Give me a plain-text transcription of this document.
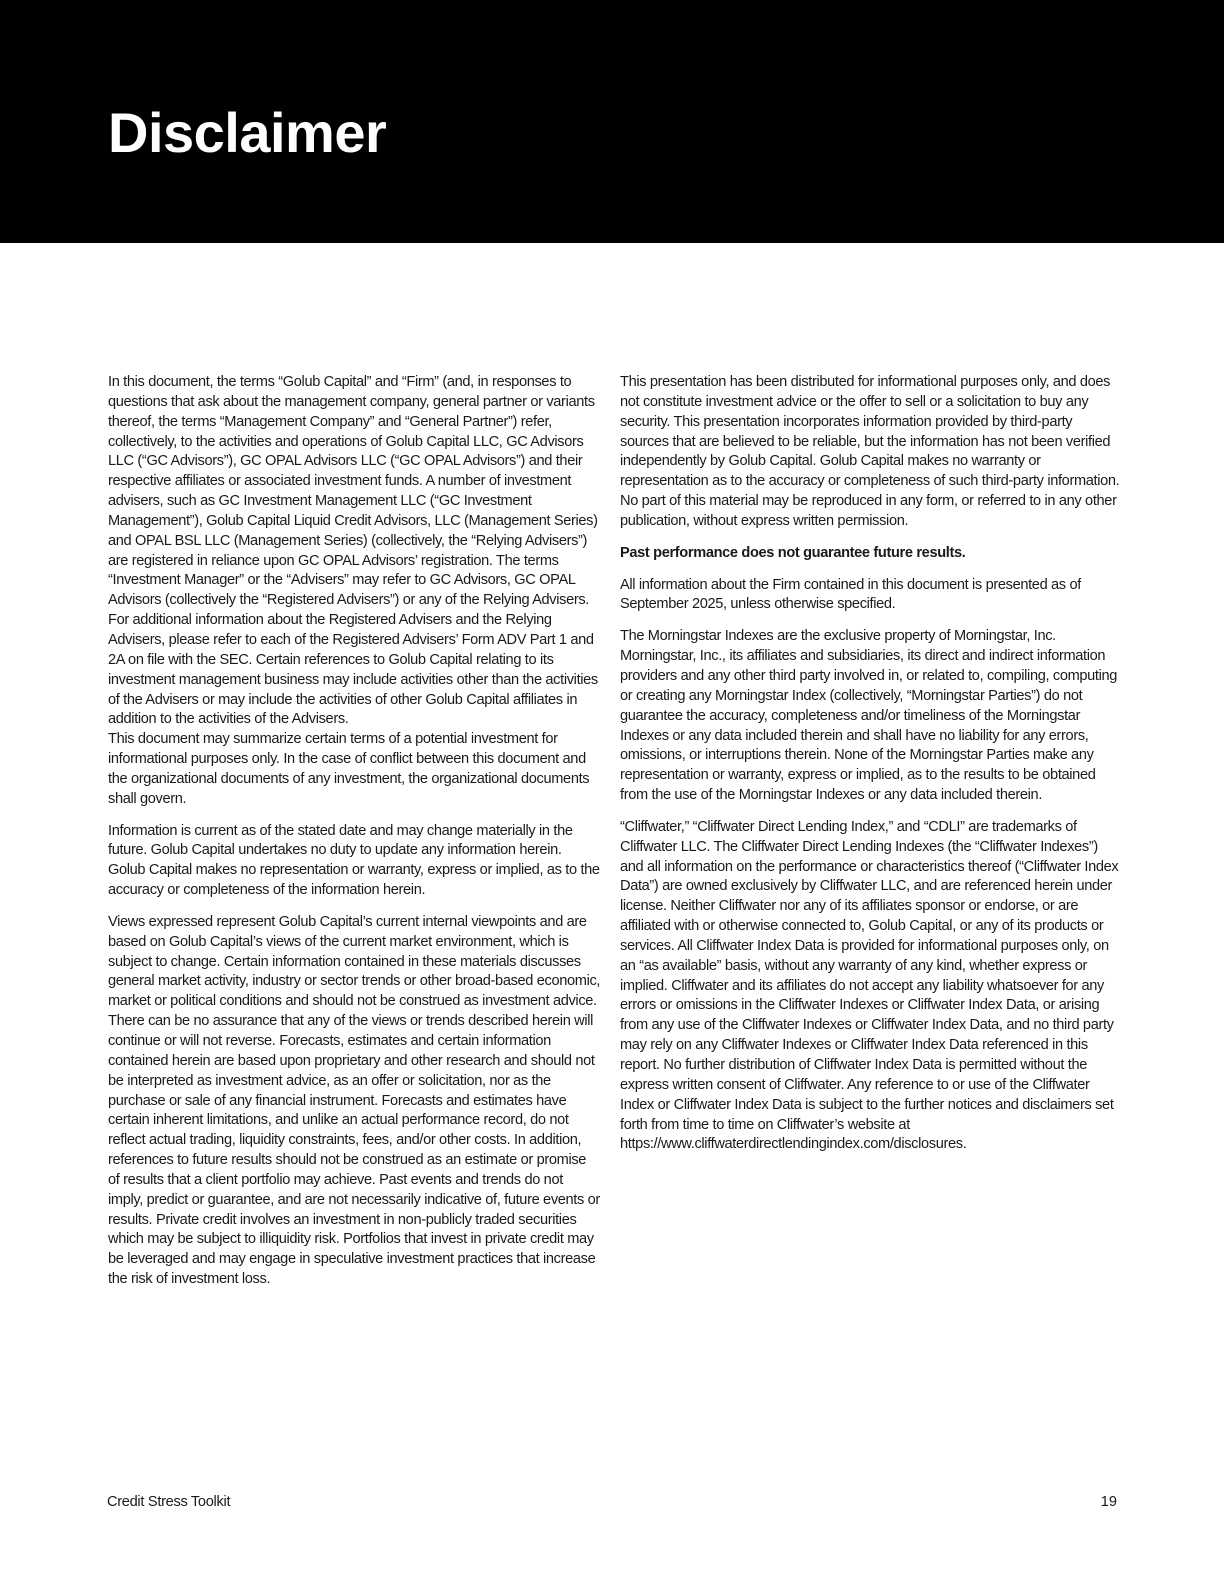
Disclaimer

In this document, the terms “Golub Capital” and “Firm” (and, in responses to questions that ask about the management company, general partner or variants thereof, the terms “Management Company” and “General Partner”) refer, collectively, to the activities and operations of Golub Capital LLC, GC Advisors LLC (“GC Advisors”), GC OPAL Advisors LLC (“GC OPAL Advisors”) and their respective affiliates or associated investment funds. A number of investment advisers, such as GC Investment Management LLC (“GC Investment Management”), Golub Capital Liquid Credit Advisors, LLC (Management Series) and OPAL BSL LLC (Management Series) (collectively, the “Relying Advisers”) are registered in reliance upon GC OPAL Advisors’ registration. The terms “Investment Manager” or the “Advisers” may refer to GC Advisors, GC OPAL Advisors (collectively the “Registered Advisers”) or any of the Relying Advisers. For additional information about the Registered Advisers and the Relying Advisers, please refer to each of the Registered Advisers’ Form ADV Part 1 and 2A on file with the SEC. Certain references to Golub Capital relating to its investment management business may include activities other than the activities of the Advisers or may include the activities of other Golub Capital affiliates in addition to the activities of the Advisers.

This document may summarize certain terms of a potential investment for informational purposes only. In the case of conflict between this document and the organizational documents of any investment, the organizational documents shall govern.

Information is current as of the stated date and may change materially in the future. Golub Capital undertakes no duty to update any information herein. Golub Capital makes no representation or warranty, express or implied, as to the accuracy or completeness of the information herein.

Views expressed represent Golub Capital’s current internal viewpoints and are based on Golub Capital’s views of the current market environment, which is subject to change. Certain information contained in these materials discusses general market activity, industry or sector trends or other broad-based economic, market or political conditions and should not be construed as investment advice. There can be no assurance that any of the views or trends described herein will continue or will not reverse. Forecasts, estimates and certain information contained herein are based upon proprietary and other research and should not be interpreted as investment advice, as an offer or solicitation, nor as the purchase or sale of any financial instrument. Forecasts and estimates have certain inherent limitations, and unlike an actual performance record, do not reflect actual trading, liquidity constraints, fees, and/or other costs. In addition, references to future results should not be construed as an estimate or promise of results that a client portfolio may achieve. Past events and trends do not imply, predict or guarantee, and are not necessarily indicative of, future events or results. Private credit involves an investment in non-publicly traded securities which may be subject to illiquidity risk. Portfolios that invest in private credit may be leveraged and may engage in speculative investment practices that increase the risk of investment loss.

This presentation has been distributed for informational purposes only, and does not constitute investment advice or the offer to sell or a solicitation to buy any security. This presentation incorporates information provided by third-party sources that are believed to be reliable, but the information has not been verified independently by Golub Capital. Golub Capital makes no warranty or representation as to the accuracy or completeness of such third-party information. No part of this material may be reproduced in any form, or referred to in any other publication, without express written permission.

Past performance does not guarantee future results.

All information about the Firm contained in this document is presented as of September 2025, unless otherwise specified.

The Morningstar Indexes are the exclusive property of Morningstar, Inc. Morningstar, Inc., its affiliates and subsidiaries, its direct and indirect information providers and any other third party involved in, or related to, compiling, computing or creating any Morningstar Index (collectively, “Morningstar Parties”) do not guarantee the accuracy, completeness and/or timeliness of the Morningstar Indexes or any data included therein and shall have no liability for any errors, omissions, or interruptions therein. None of the Morningstar Parties make any representation or warranty, express or implied, as to the results to be obtained from the use of the Morningstar Indexes or any data included therein.

“Cliffwater,” “Cliffwater Direct Lending Index,” and “CDLI” are trademarks of Cliffwater LLC. The Cliffwater Direct Lending Indexes (the “Cliffwater Indexes”) and all information on the performance or characteristics thereof (“Cliffwater Index Data”) are owned exclusively by Cliffwater LLC, and are referenced herein under license. Neither Cliffwater nor any of its affiliates sponsor or endorse, or are affiliated with or otherwise connected to, Golub Capital, or any of its products or services. All Cliffwater Index Data is provided for informational purposes only, on an “as available” basis, without any warranty of any kind, whether express or implied. Cliffwater and its affiliates do not accept any liability whatsoever for any errors or omissions in the Cliffwater Indexes or Cliffwater Index Data, or arising from any use of the Cliffwater Indexes or Cliffwater Index Data, and no third party may rely on any Cliffwater Indexes or Cliffwater Index Data referenced in this report. No further distribution of Cliffwater Index Data is permitted without the express written consent of Cliffwater. Any reference to or use of the Cliffwater Index or Cliffwater Index Data is subject to the further notices and disclaimers set forth from time to time on Cliffwater’s website at https://www.cliffwaterdirectlendingindex.com/disclosures.

Credit Stress Toolkit	19
